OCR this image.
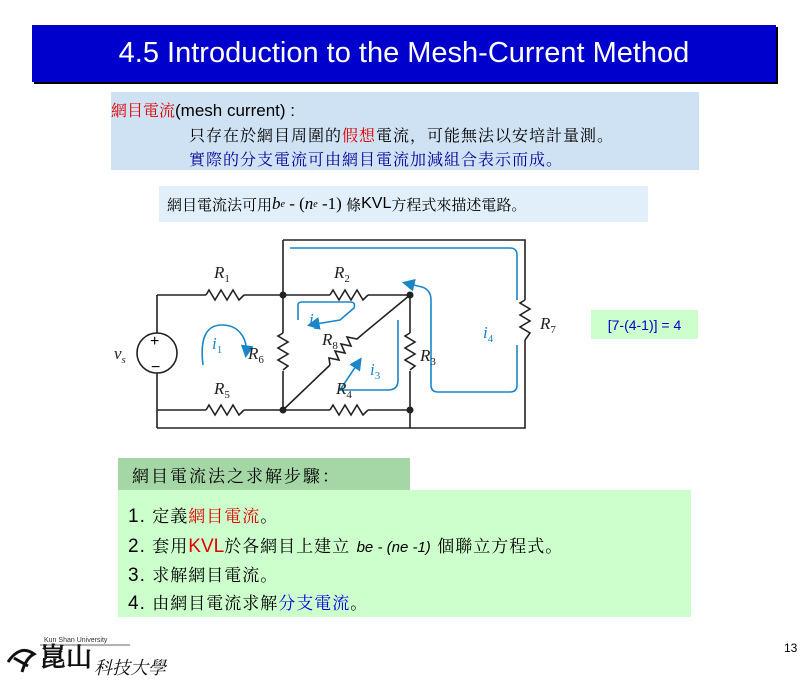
4.5 Introduction to the Mesh-Current Method
網目電流(mesh current) :
只存在於網目周圍的假想電流，可能無法以安培計量測。
實際的分支電流可由網目電流加減組合表示而成。
網目電流法可用 b e - ( n e -1) 條 KVL 方程式來描述電路。
+
−
$R_1$	$R_2$
$R_3$
$R_4$
$R_5$
$R_6$
$R_7$
$R_8$
$v_s$
$i_1$
$i_2$
$i_3$
$i_4$
[7-(4-1)] = 4
網目電流法之求解步驟：
1. 定義網目電流。
2. 套用KVL於各網目上建立 be - (ne -1) 個聯立方程式。
3. 求解網目電流。
4. 由網目電流求解分支電流。
崑山
Kun Shan University
科技大學
13
